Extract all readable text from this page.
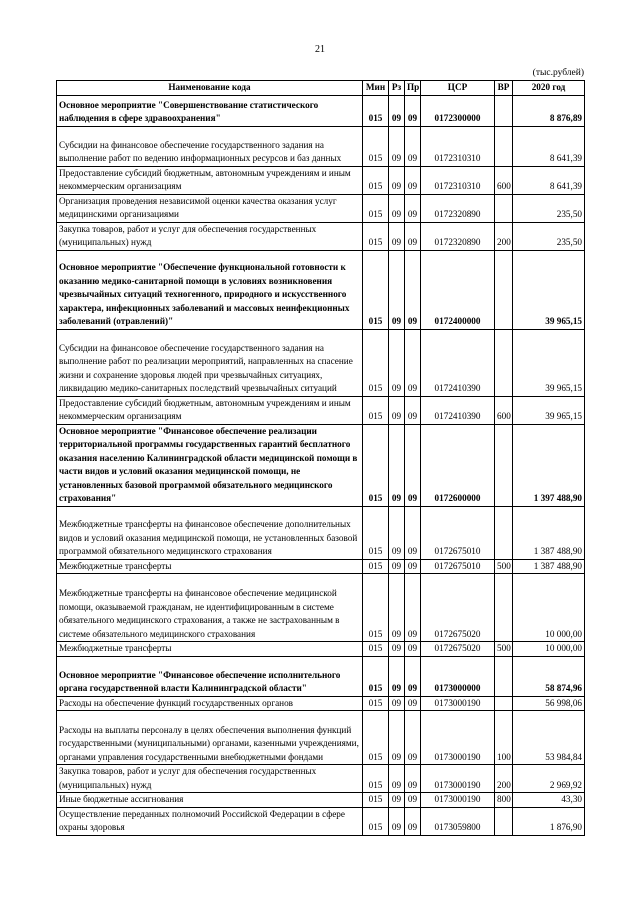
21
(тыс.рублей)
Наименование кода	Мин	Рз	Пр	ЦСР	ВР	2020 год
Основное мероприятие "Совершенствование статистического наблюдения в сфере здравоохранения"	015	09	09	0172300000		8 876,89
Субсидии на финансовое обеспечение государственного задания на выполнение работ по ведению информационных ресурсов и баз данных	015	09	09	0172310310		8 641,39
Предоставление субсидий бюджетным, автономным учреждениям и иным некоммерческим организациям	015	09	09	0172310310	600	8 641,39
Организация проведения независимой оценки качества оказания услуг медицинскими организациями	015	09	09	0172320890		235,50
Закупка товаров, работ и услуг для обеспечения государственных (муниципальных) нужд	015	09	09	0172320890	200	235,50
Основное мероприятие "Обеспечение функциональной готовности к оказанию медико-санитарной помощи в условиях возникновения чрезвычайных ситуаций техногенного, природного и искусственного характера, инфекционных заболеваний и массовых неинфекционных заболеваний (отравлений)"	015	09	09	0172400000		39 965,15
Субсидии на финансовое обеспечение государственного задания на выполнение работ по реализации мероприятий, направленных на спасение жизни и сохранение здоровья людей при чрезвычайных ситуациях, ликвидацию медико-санитарных последствий чрезвычайных ситуаций	015	09	09	0172410390		39 965,15
Предоставление субсидий бюджетным, автономным учреждениям и иным некоммерческим организациям	015	09	09	0172410390	600	39 965,15
Основное мероприятие "Финансовое обеспечение реализации территориальной программы государственных гарантий бесплатного оказания населению Калининградской области медицинской помощи в части видов и условий оказания медицинской помощи, не установленных базовой программой обязательного медицинского страхования"	015	09	09	0172600000		1 397 488,90
Межбюджетные трансферты на финансовое обеспечение дополнительных видов и условий оказания медицинской помощи, не установленных базовой программой обязательного медицинского страхования	015	09	09	0172675010		1 387 488,90
Межбюджетные трансферты	015	09	09	0172675010	500	1 387 488,90
Межбюджетные трансферты на финансовое обеспечение медицинской помощи, оказываемой гражданам, не идентифицированным в системе обязательного медицинского страхования, а также не застрахованным в системе обязательного медицинского страхования	015	09	09	0172675020		10 000,00
Межбюджетные трансферты	015	09	09	0172675020	500	10 000,00
Основное мероприятие "Финансовое обеспечение исполнительного органа государственной власти Калининградской области"	015	09	09	0173000000		58 874,96
Расходы на обеспечение функций государственных органов	015	09	09	0173000190		56 998,06
Расходы на выплаты персоналу в целях обеспечения выполнения функций государственными (муниципальными) органами, казенными учреждениями, органами управления государственными внебюджетными фондами	015	09	09	0173000190	100	53 984,84
Закупка товаров, работ и услуг для обеспечения государственных (муниципальных) нужд	015	09	09	0173000190	200	2 969,92
Иные бюджетные ассигнования	015	09	09	0173000190	800	43,30
Осуществление переданных полномочий Российской Федерации в сфере охраны здоровья	015	09	09	0173059800		1 876,90
